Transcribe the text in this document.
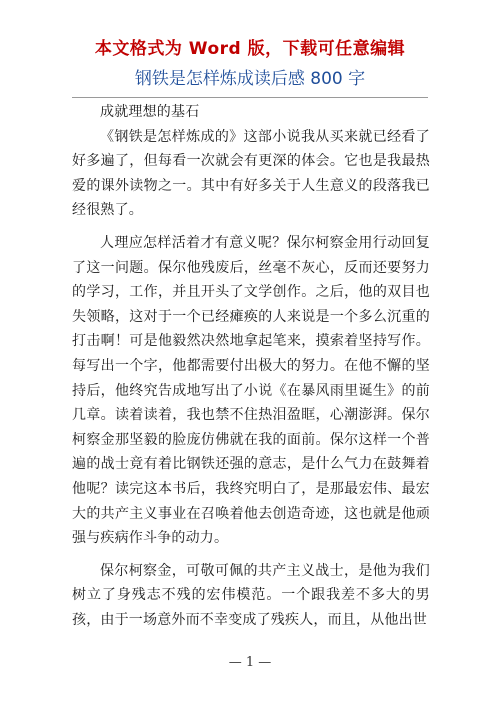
本文格式为 Word 版，下载可任意编辑
钢铁是怎样炼成读后感 800 字

成就理想的基石

《钢铁是怎样炼成的》这部小说我从买来就已经看了好多遍了，但每看一次就会有更深的体会。它也是我最热爱的课外读物之一。其中有好多关于人生意义的段落我已经很熟了。

人理应怎样活着才有意义呢？保尔柯察金用行动回复了这一问题。保尔他残废后，丝毫不灰心，反而还要努力的学习，工作，并且开头了文学创作。之后，他的双目也失领略，这对于一个已经瘫痪的人来说是一个多么沉重的打击啊！可是他毅然决然地拿起笔来，摸索着坚持写作。每写出一个字，他都需要付出极大的努力。在他不懈的坚持后，他终究告成地写出了小说《在暴风雨里诞生》的前几章。读着读着，我也禁不住热泪盈眶，心潮澎湃。保尔柯察金那坚毅的脸庞仿佛就在我的面前。保尔这样一个普遍的战士竟有着比钢铁还强的意志，是什么气力在鼓舞着他呢？读完这本书后，我终究明白了，是那最宏伟、最宏大的共产主义事业在召唤着他去创造奇迹，这也就是他顽强与疾病作斗争的动力。

保尔柯察金，可敬可佩的共产主义战士，是他为我们树立了身残志不残的宏伟模范。一个跟我差不多大的男孩，由于一场意外而不幸变成了残疾人，而且，从他出世

— 1 —
